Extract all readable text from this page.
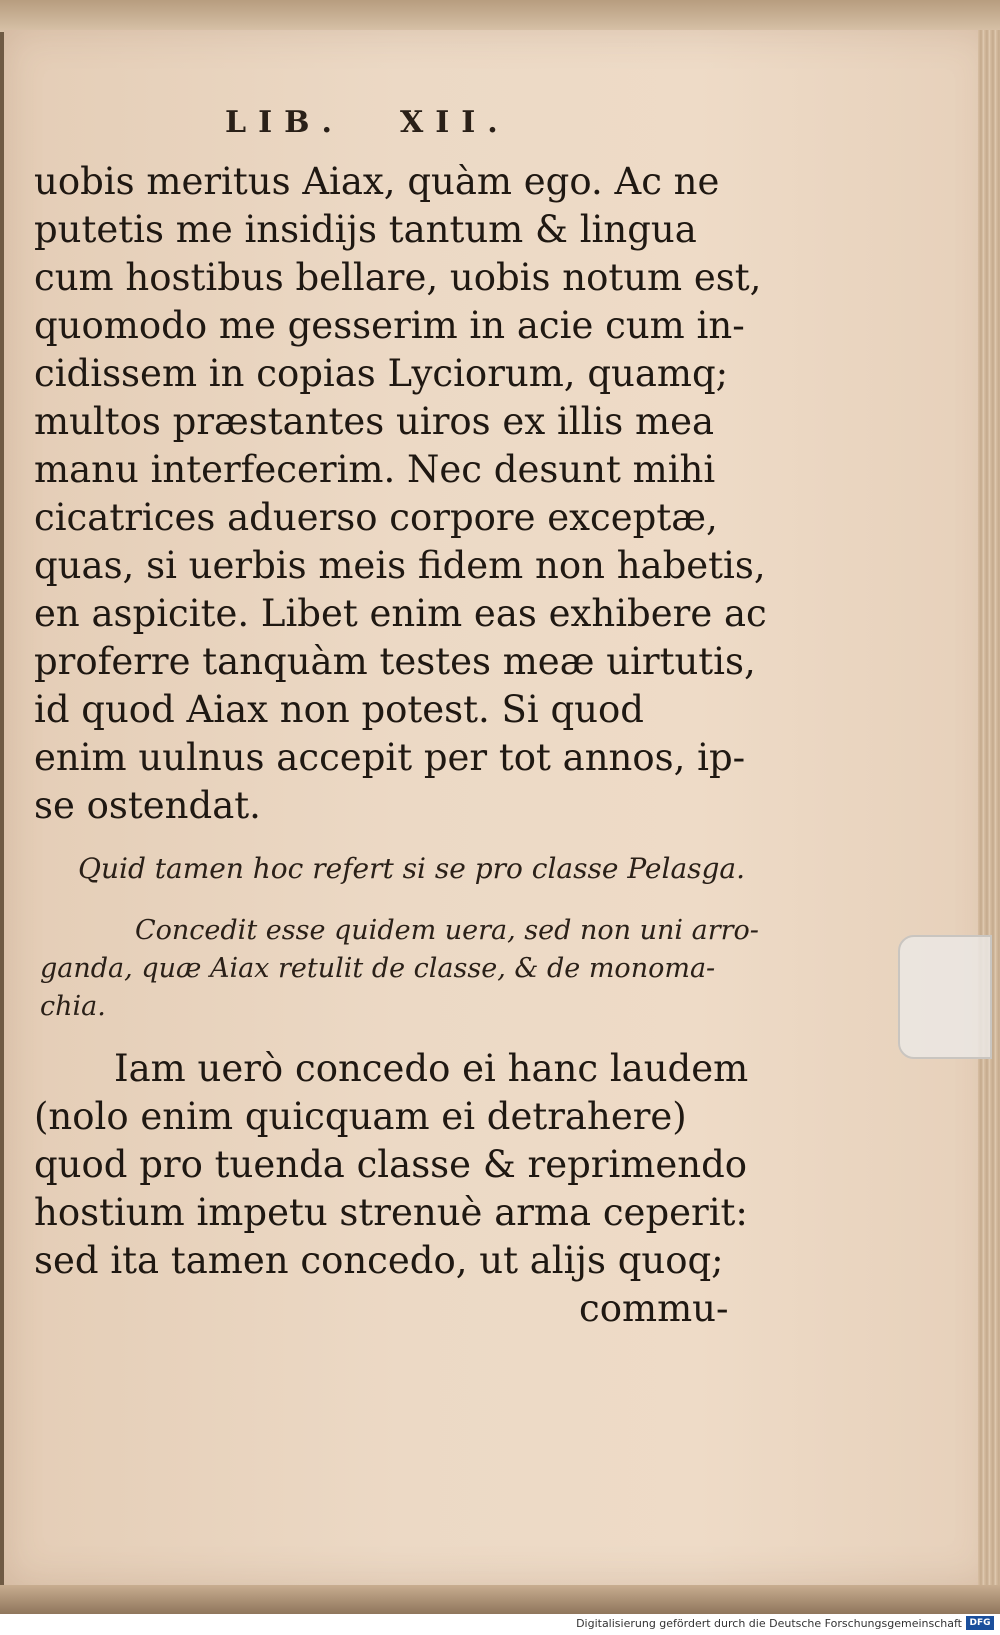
LIB. XII.
uobis meritus Aiax, quàm ego. Ac ne
putetis me insidijs tantum & lingua
cum hostibus bellare, uobis notum est,
quomodo me gesserim in acie cum in-
cidissem in copias Lyciorum, quamq;
multos præstantes uiros ex illis mea
manu interfecerim. Nec desunt mihi
cicatrices aduerso corpore exceptæ,
quas, si uerbis meis fidem non habetis,
en aspicite. Libet enim eas exhibere ac
proferre tanquàm testes meæ uirtutis,
id quod Aiax non potest. Si quod
enim uulnus accepit per tot annos, ip-
se ostendat.
Quid tamen hoc refert si se pro classe Pelasga.
Concedit esse quidem uera, sed non uni arro-
ganda, quæ Aiax retulit de classe, & de monoma-
chia.
Iam uerò concedo ei hanc laudem
(nolo enim quicquam ei detrahere)
quod pro tuenda classe & reprimendo
hostium impetu strenuè arma ceperit:
sed ita tamen concedo, ut alijs quoq;
commu-
Digitalisierung gefördert durch die Deutsche Forschungsgemeinschaft DFG
